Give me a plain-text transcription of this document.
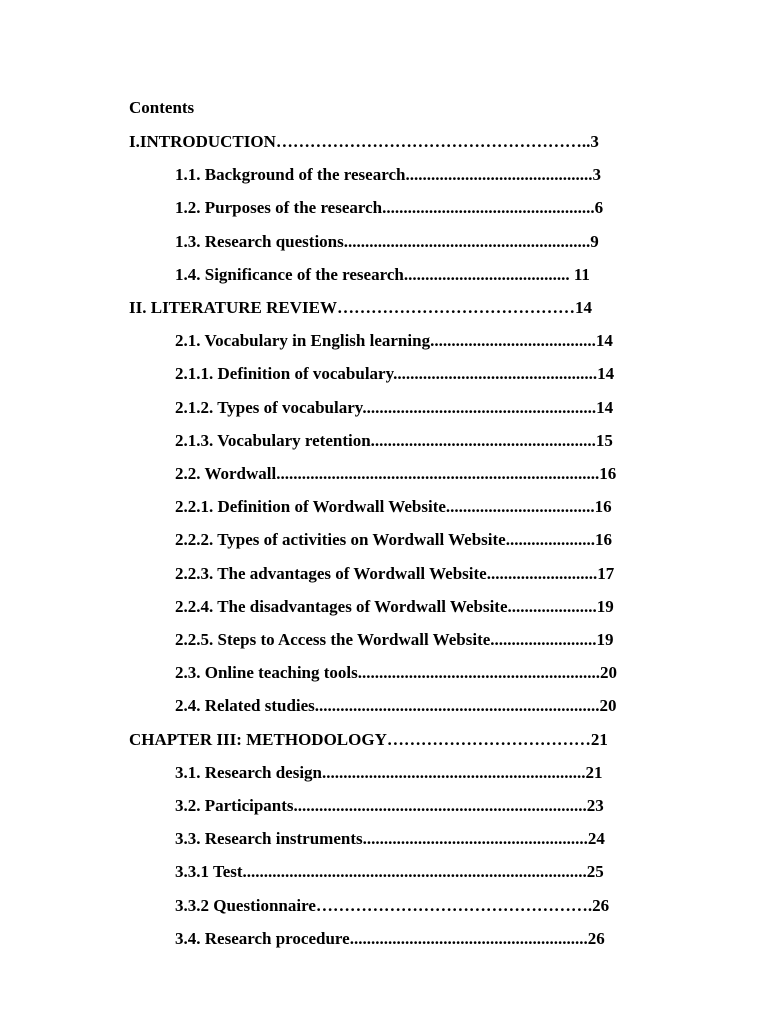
Contents
I.INTRODUCTION………………………………………………..3
1.1. Background of the research............................................3
1.2. Purposes of the research..................................................6
1.3. Research questions..........................................................9
1.4. Significance of the research....................................... 11
II. LITERATURE REVIEW……………………………………14
2.1. Vocabulary in English learning.......................................14
2.1.1. Definition of vocabulary................................................14
2.1.2. Types of vocabulary.......................................................14
2.1.3. Vocabulary retention.....................................................15
2.2. Wordwall............................................................................16
2.2.1. Definition of Wordwall Website...................................16
2.2.2. Types of activities on Wordwall Website.....................16
2.2.3. The advantages of Wordwall Website..........................17
2.2.4. The disadvantages of Wordwall Website.....................19
2.2.5. Steps to Access the Wordwall Website.........................19
2.3. Online teaching tools.........................................................20
2.4. Related studies...................................................................20
CHAPTER III: METHODOLOGY………………………………21
3.1. Research design..............................................................21
3.2. Participants.....................................................................23
3.3. Research instruments.....................................................24
3.3.1 Test.................................................................................25
3.3.2 Questionnaire………………………………………….26
3.4. Research procedure........................................................26
